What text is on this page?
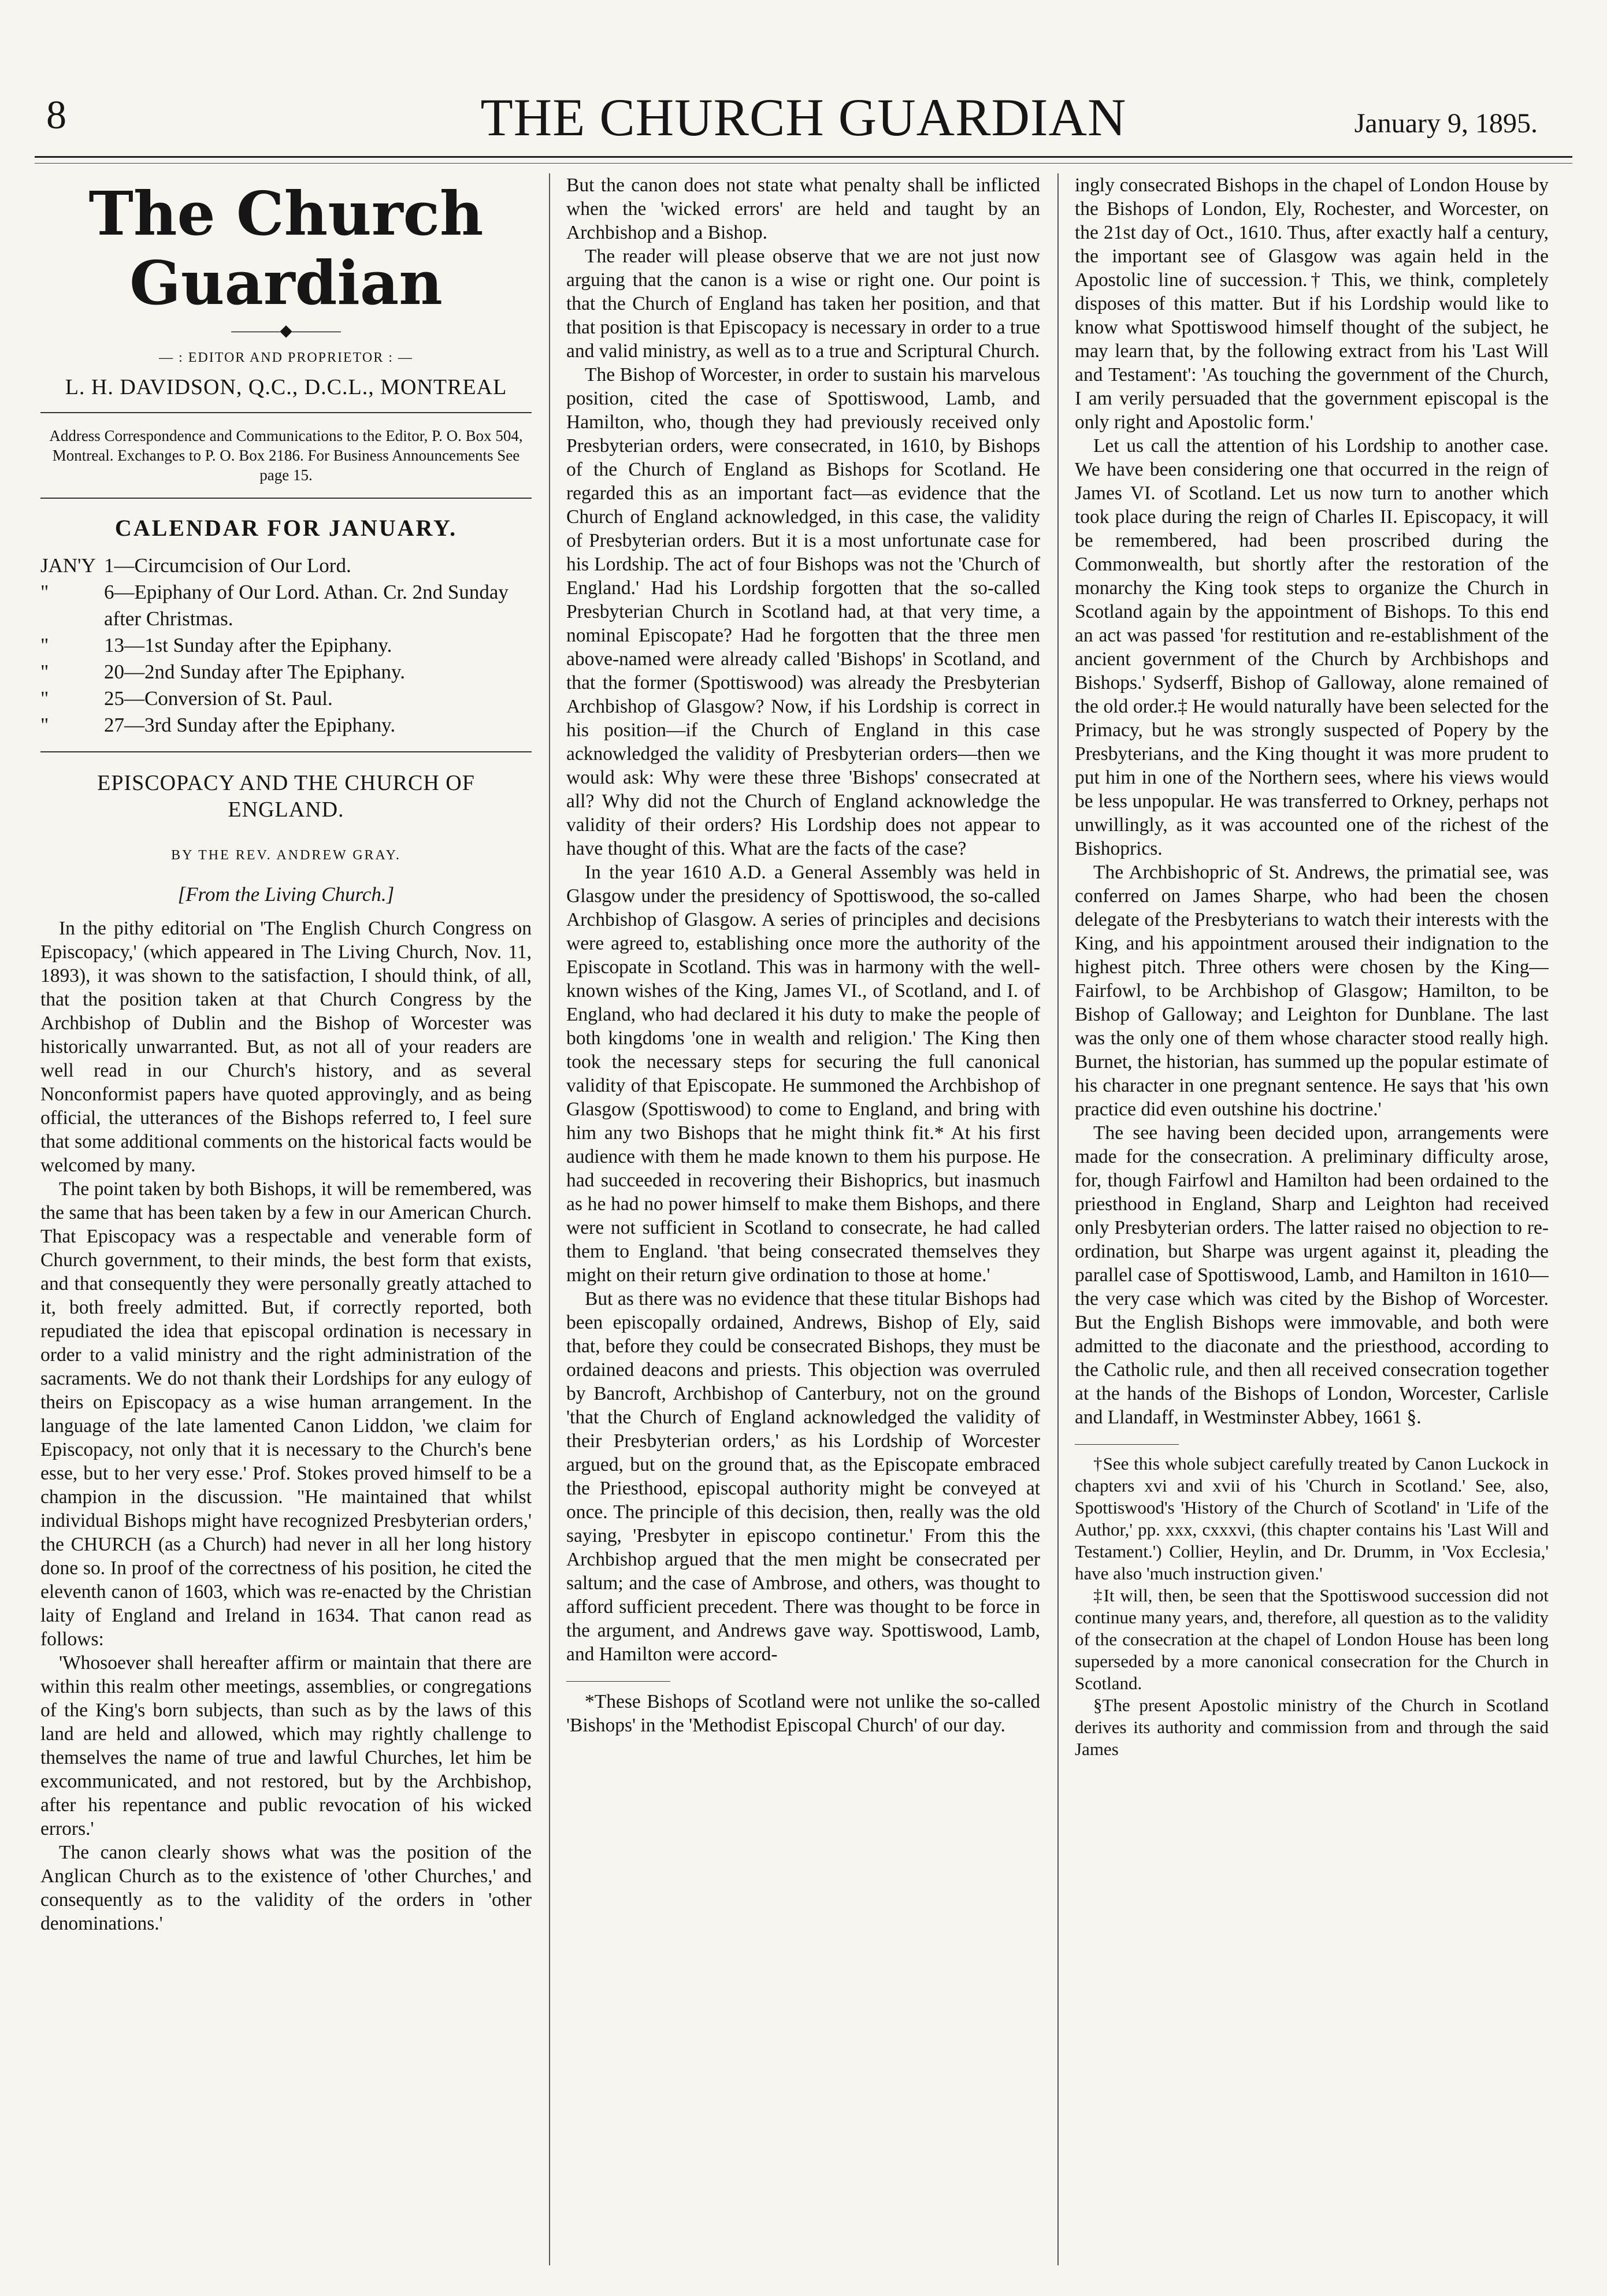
8	THE CHURCH GUARDIAN	January 9, 1895.
The Church Guardian
———◆———
— : EDITOR AND PROPRIETOR : —
L. H. DAVIDSON, Q.C., D.C.L., MONTREAL

Address Correspondence and Communications to the Editor, P. O. Box 504, Montreal. Exchanges to P. O. Box 2186. For Business Announcements See page 15.

CALENDAR FOR JANUARY.
JAN'Y 1—Circumcision of Our Lord.
"	6—Epiphany of Our Lord. Athan. Cr. 2nd Sunday after Christmas.
"	13—1st Sunday after the Epiphany.
"	20—2nd Sunday after The Epiphany.
"	25—Conversion of St. Paul.
"	27—3rd Sunday after the Epiphany.
EPISCOPACY AND THE CHURCH OF ENGLAND.
BY THE REV. ANDREW GRAY.
[From the Living Church.]

In the pithy editorial on 'The English Church Congress on Episcopacy,' (which appeared in The Living Church, Nov. 11, 1893), it was shown to the satisfaction, I should think, of all, that the position taken at that Church Congress by the Archbishop of Dublin and the Bishop of Worcester was historically unwarranted. But, as not all of your readers are well read in our Church's history, and as several Nonconformist papers have quoted approvingly, and as being official, the utterances of the Bishops referred to, I feel sure that some additional comments on the historical facts would be welcomed by many.

The point taken by both Bishops, it will be remembered, was the same that has been taken by a few in our American Church. That Episcopacy was a respectable and venerable form of Church government, to their minds, the best form that exists, and that consequently they were personally greatly attached to it, both freely admitted. But, if correctly reported, both repudiated the idea that episcopal ordination is necessary in order to a valid ministry and the right administration of the sacraments. We do not thank their Lordships for any eulogy of theirs on Episcopacy as a wise human arrangement. In the language of the late lamented Canon Liddon, 'we claim for Episcopacy, not only that it is necessary to the Church's bene esse, but to her very esse.' Prof. Stokes proved himself to be a champion in the discussion. "He maintained that whilst individual Bishops might have recognized Presbyterian orders,' the CHURCH (as a Church) had never in all her long history done so. In proof of the correctness of his position, he cited the eleventh canon of 1603, which was re-enacted by the Christian laity of England and Ireland in 1634. That canon read as follows:

'Whosoever shall hereafter affirm or maintain that there are within this realm other meetings, assemblies, or congregations of the King's born subjects, than such as by the laws of this land are held and allowed, which may rightly challenge to themselves the name of true and lawful Churches, let him be excommunicated, and not restored, but by the Archbishop, after his repentance and public revocation of his wicked errors.'

The canon clearly shows what was the position of the Anglican Church as to the existence of 'other Churches,' and consequently as to the validity of the orders in 'other denominations.'

But the canon does not state what penalty shall be inflicted when the 'wicked errors' are held and taught by an Archbishop and a Bishop.

The reader will please observe that we are not just now arguing that the canon is a wise or right one. Our point is that the Church of England has taken her position, and that that position is that Episcopacy is necessary in order to a true and valid ministry, as well as to a true and Scriptural Church.

The Bishop of Worcester, in order to sustain his marvelous position, cited the case of Spottiswood, Lamb, and Hamilton, who, though they had previously received only Presbyterian orders, were consecrated, in 1610, by Bishops of the Church of England as Bishops for Scotland. He regarded this as an important fact—as evidence that the Church of England acknowledged, in this case, the validity of Presbyterian orders. But it is a most unfortunate case for his Lordship. The act of four Bishops was not the 'Church of England.' Had his Lordship forgotten that the so-called Presbyterian Church in Scotland had, at that very time, a nominal Episcopate? Had he forgotten that the three men above-named were already called 'Bishops' in Scotland, and that the former (Spottiswood) was already the Presbyterian Archbishop of Glasgow? Now, if his Lordship is correct in his position—if the Church of England in this case acknowledged the validity of Presbyterian orders—then we would ask: Why were these three 'Bishops' consecrated at all? Why did not the Church of England acknowledge the validity of their orders? His Lordship does not appear to have thought of this. What are the facts of the case?

In the year 1610 A.D. a General Assembly was held in Glasgow under the presidency of Spottiswood, the so-called Archbishop of Glasgow. A series of principles and decisions were agreed to, establishing once more the authority of the Episcopate in Scotland. This was in harmony with the well-known wishes of the King, James VI., of Scotland, and I. of England, who had declared it his duty to make the people of both kingdoms 'one in wealth and religion.' The King then took the necessary steps for securing the full canonical validity of that Episcopate. He summoned the Archbishop of Glasgow (Spottiswood) to come to England, and bring with him any two Bishops that he might think fit.* At his first audience with them he made known to them his purpose. He had succeeded in recovering their Bishoprics, but inasmuch as he had no power himself to make them Bishops, and there were not sufficient in Scotland to consecrate, he had called them to England. 'that being consecrated themselves they might on their return give ordination to those at home.'

But as there was no evidence that these titular Bishops had been episcopally ordained, Andrews, Bishop of Ely, said that, before they could be consecrated Bishops, they must be ordained deacons and priests. This objection was overruled by Bancroft, Archbishop of Canterbury, not on the ground 'that the Church of England acknowledged the validity of their Presbyterian orders,' as his Lordship of Worcester argued, but on the ground that, as the Episcopate embraced the Priesthood, episcopal authority might be conveyed at once. The principle of this decision, then, really was the old saying, 'Presbyter in episcopo continetur.' From this the Archbishop argued that the men might be consecrated per saltum; and the case of Ambrose, and others, was thought to afford sufficient precedent. There was thought to be force in the argument, and Andrews gave way. Spottiswood, Lamb, and Hamilton were accord-

*These Bishops of Scotland were not unlike the so-called 'Bishops' in the 'Methodist Episcopal Church' of our day.

ingly consecrated Bishops in the chapel of London House by the Bishops of London, Ely, Rochester, and Worcester, on the 21st day of Oct., 1610. Thus, after exactly half a century, the important see of Glasgow was again held in the Apostolic line of succession.† This, we think, completely disposes of this matter. But if his Lordship would like to know what Spottiswood himself thought of the subject, he may learn that, by the following extract from his 'Last Will and Testament': 'As touching the government of the Church, I am verily persuaded that the government episcopal is the only right and Apostolic form.'

Let us call the attention of his Lordship to another case. We have been considering one that occurred in the reign of James VI. of Scotland. Let us now turn to another which took place during the reign of Charles II. Episcopacy, it will be remembered, had been proscribed during the Commonwealth, but shortly after the restoration of the monarchy the King took steps to organize the Church in Scotland again by the appointment of Bishops. To this end an act was passed 'for restitution and re-establishment of the ancient government of the Church by Archbishops and Bishops.' Sydserff, Bishop of Galloway, alone remained of the old order.‡ He would naturally have been selected for the Primacy, but he was strongly suspected of Popery by the Presbyterians, and the King thought it was more prudent to put him in one of the Northern sees, where his views would be less unpopular. He was transferred to Orkney, perhaps not unwillingly, as it was accounted one of the richest of the Bishoprics.

The Archbishopric of St. Andrews, the primatial see, was conferred on James Sharpe, who had been the chosen delegate of the Presbyterians to watch their interests with the King, and his appointment aroused their indignation to the highest pitch. Three others were chosen by the King—Fairfowl, to be Archbishop of Glasgow; Hamilton, to be Bishop of Galloway; and Leighton for Dunblane. The last was the only one of them whose character stood really high. Burnet, the historian, has summed up the popular estimate of his character in one pregnant sentence. He says that 'his own practice did even outshine his doctrine.'

The see having been decided upon, arrangements were made for the consecration. A preliminary difficulty arose, for, though Fairfowl and Hamilton had been ordained to the priesthood in England, Sharp and Leighton had received only Presbyterian orders. The latter raised no objection to re-ordination, but Sharpe was urgent against it, pleading the parallel case of Spottiswood, Lamb, and Hamilton in 1610—the very case which was cited by the Bishop of Worcester. But the English Bishops were immovable, and both were admitted to the diaconate and the priesthood, according to the Catholic rule, and then all received consecration together at the hands of the Bishops of London, Worcester, Carlisle and Llandaff, in Westminster Abbey, 1661 §.

†See this whole subject carefully treated by Canon Luckock in chapters xvi and xvii of his 'Church in Scotland.' See, also, Spottiswood's 'History of the Church of Scotland' in 'Life of the Author,' pp. xxx, cxxxvi, (this chapter contains his 'Last Will and Testament.') Collier, Heylin, and Dr. Drumm, in 'Vox Ecclesia,' have also 'much instruction given.'

‡It will, then, be seen that the Spottiswood succession did not continue many years, and, therefore, all question as to the validity of the consecration at the chapel of London House has been long superseded by a more canonical consecration for the Church in Scotland.

§The present Apostolic ministry of the Church in Scotland derives its authority and commission from and through the said James
